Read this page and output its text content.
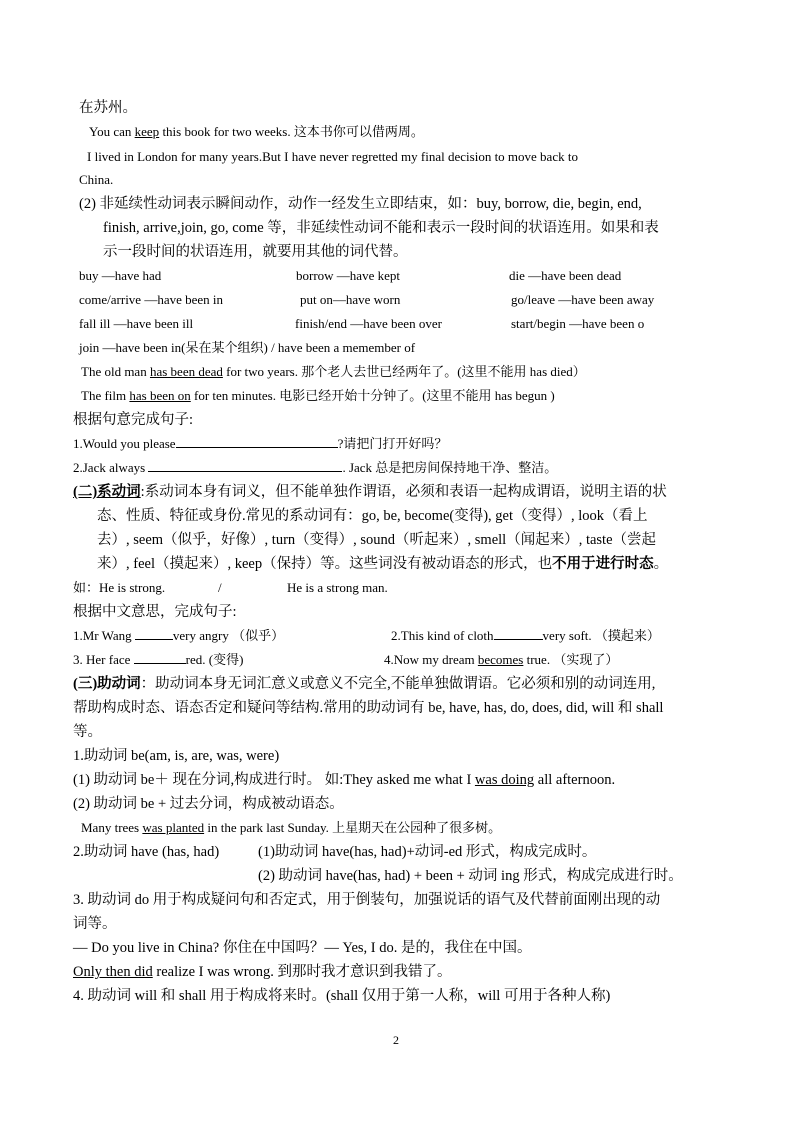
在苏州。
You can keep this book for two weeks. 这本书你可以借两周。
I lived in London for many years.But I have never regretted my final decision to move back to
China.
(2) 非延续性动词表示瞬间动作，动作一经发生立即结束，如：buy, borrow, die, begin, end,
finish, arrive,join, go, come 等，非延续性动词不能和表示一段时间的状语连用。如果和表
示一段时间的状语连用，就要用其他的词代替。
buy —have had	borrow —have kept	die —have been dead
come/arrive —have been in	put on—have worn	go/leave —have been away
fall ill —have been ill	finish/end —have been over	start/begin —have been o
join —have been in(呆在某个组织) / have been a memember of
The old man has been dead for two years. 那个老人去世已经两年了。(这里不能用 has died）
The film has been on for ten minutes. 电影已经开始十分钟了。(这里不能用 has begun )
根据句意完成句子:
1.Would you please	?请把门打开好吗？
2.Jack always	. Jack 总是把房间保持地干净、整洁。
(二)系动词:系动词本身有词义，但不能单独作谓语，必须和表语一起构成谓语，说明主语的状
态、性质、特征或身份.常见的系动词有：go, be, become(变得), get（变得）, look（看上
去）, seem（似乎，好像）, turn（变得）, sound（听起来）, smell（闻起来）, taste（尝起
来）, feel（摸起来）, keep（保持）等。这些词没有被动语态的形式，也不用于进行时态。
如：He is strong.	/	He is a strong man.
根据中文意思，完成句子:
1.Mr Wang	very angry （似乎）	2.This kind of cloth	very soft. （摸起来）
3. Her face	red. (变得)	4.Now my dream becomes true. （实现了）
(三)助动词：助动词本身无词汇意义或意义不完全,不能单独做谓语。它必须和别的动词连用,
帮助构成时态、语态否定和疑问等结构.常用的助动词有 be, have, has, do, does, did, will 和 shall
等。
1.助动词 be(am, is, are, was, were)
(1) 助动词 be＋ 现在分词,构成进行时。 如:They asked me what I was doing all afternoon.
(2) 助动词 be + 过去分词，构成被动语态。
Many trees was planted in the park last Sunday. 上星期天在公园种了很多树。
2.助动词 have (has, had)	(1)助动词 have(has, had)+动词-ed 形式，构成完成时。
(2) 助动词 have(has, had) + been + 动词 ing 形式，构成完成进行时。
3. 助动词 do 用于构成疑问句和否定式，用于倒装句，加强说话的语气及代替前面刚出现的动
词等。
— Do you live in China? 你住在中国吗？— Yes, I do. 是的，我住在中国。
Only then did realize I was wrong. 到那时我才意识到我错了。
4. 助动词 will 和 shall 用于构成将来时。(shall 仅用于第一人称，will 可用于各种人称)
2
